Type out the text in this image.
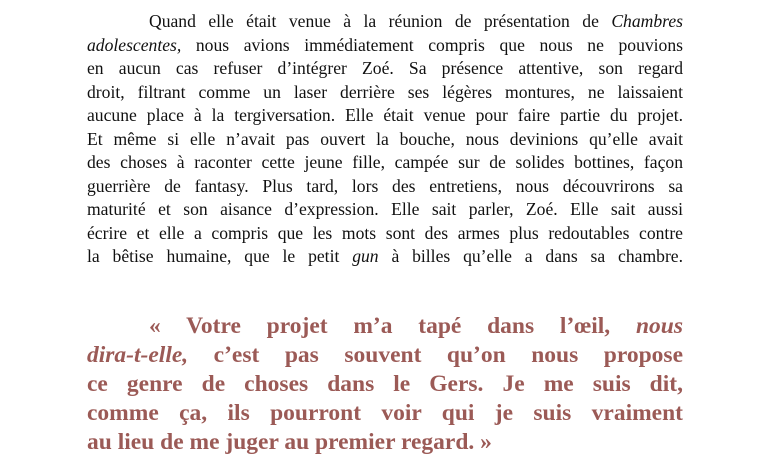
Quand elle était venue à la réunion de présentation de Chambres
adolescentes, nous avions immédiatement compris que nous ne pouvions
en aucun cas refuser d’intégrer Zoé. Sa présence attentive, son regard
droit, filtrant comme un laser derrière ses légères montures, ne laissaient
aucune place à la tergiversation. Elle était venue pour faire partie du projet.
Et même si elle n’avait pas ouvert la bouche, nous devinions qu’elle avait
des choses à raconter cette jeune fille, campée sur de solides bottines, façon
guerrière de fantasy. Plus tard, lors des entretiens, nous découvrirons sa
maturité et son aisance d’expression. Elle sait parler, Zoé. Elle sait aussi
écrire et elle a compris que les mots sont des armes plus redoutables contre
la bêtise humaine, que le petit gun à billes qu’elle a dans sa chambre.

« Votre projet m’a tapé dans l’œil, nous
dira-t-elle, c’est pas souvent qu’on nous propose
ce genre de choses dans le Gers. Je me suis dit,
comme ça, ils pourront voir qui je suis vraiment
au lieu de me juger au premier regard. »
